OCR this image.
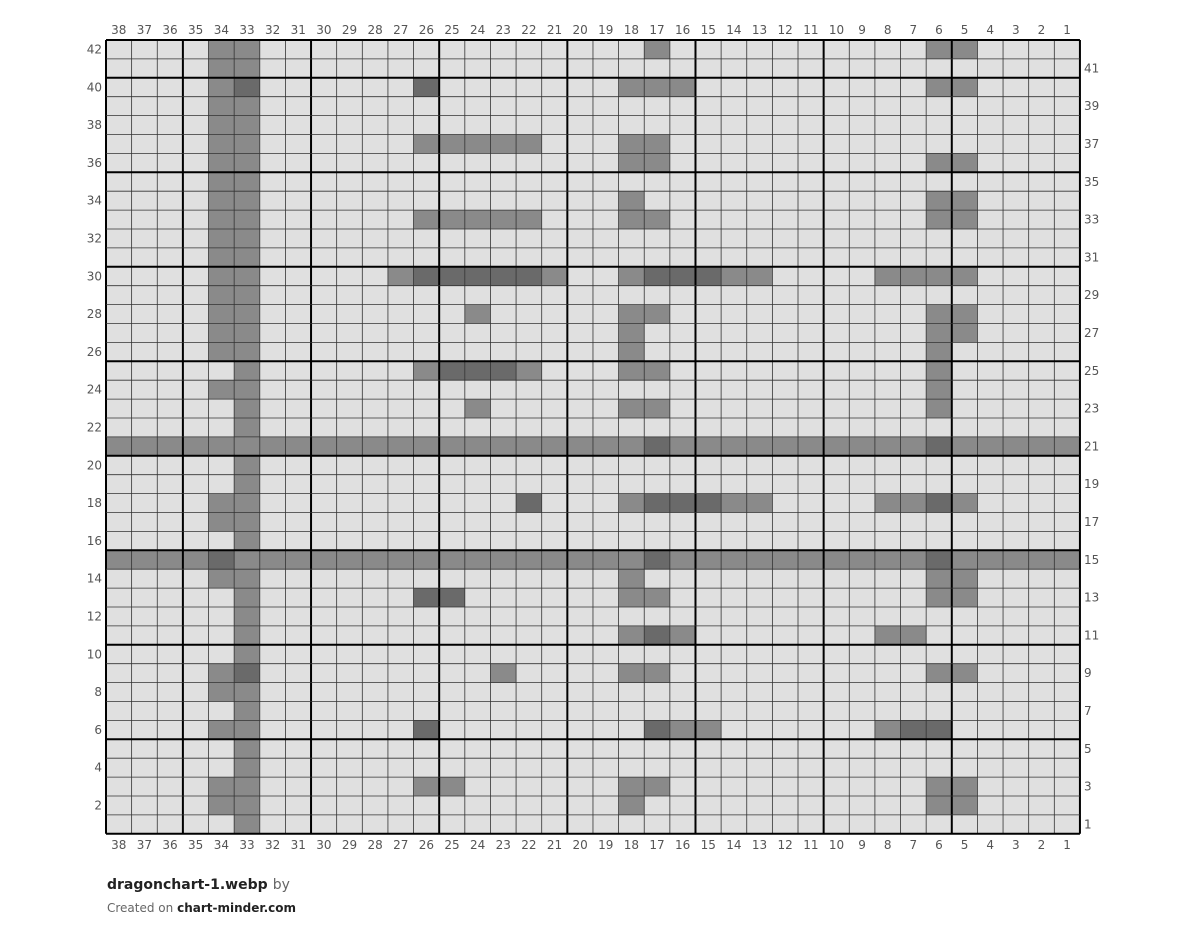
38
38
37
37
36
36
35
35
34
34
33
33
32
32
31
31
30
30
29
29
28
28
27
27
26
26
25
25
24
24
23
23
22
22
21
21
20
20
19
19
18
18
17
17
16
16
15
15
14
14
13
13
12
12
11
11
10
10
9
9
8
8
7
7
6
6
5
5
4
4
3
3
2
2
1
1
42
41
40
39
38
37
36
35
34
33
32
31
30
29
28
27
26
25
24
23
22
21
20
19
18
17
16
15
14
13
12
11
10
9
8
7
6
5
4
3
2
1
dragonchart-1.webp by
Created on chart-minder.com
